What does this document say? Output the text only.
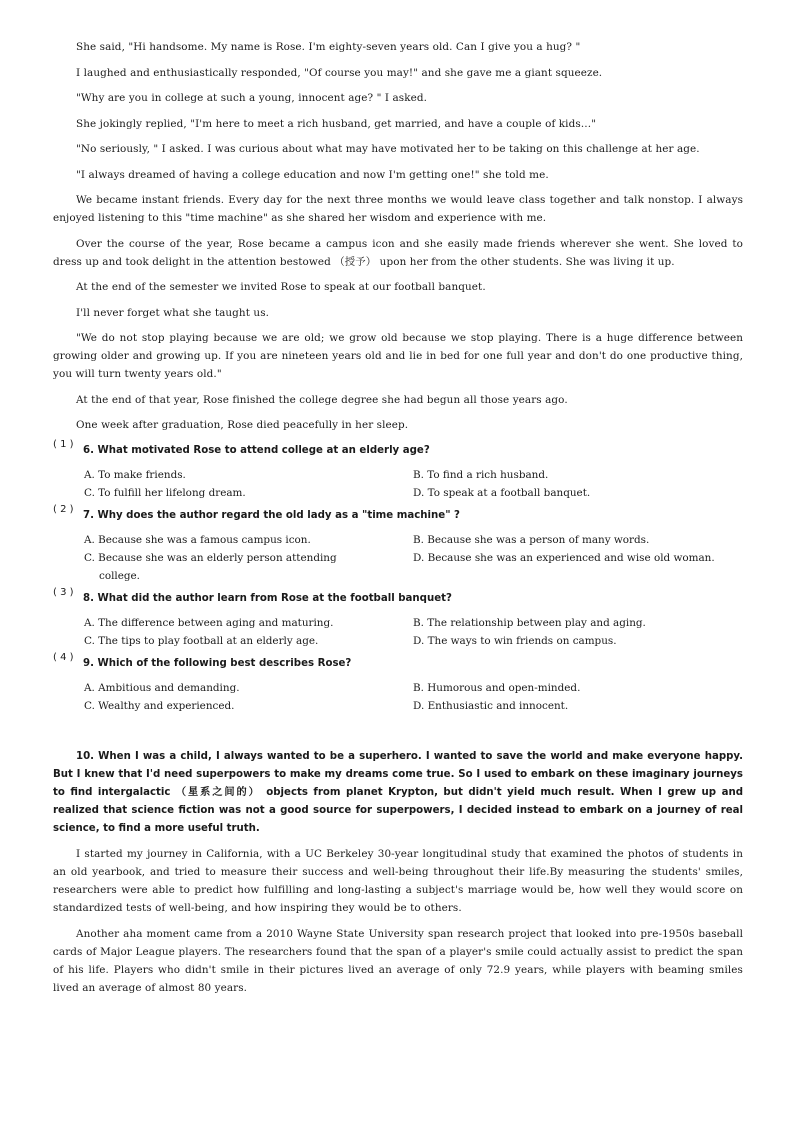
She said, "Hi handsome. My name is Rose. I'm eighty-seven years old. Can I give you a hug? "

I laughed and enthusiastically responded, "Of course you may!" and she gave me a giant squeeze.

"Why are you in college at such a young, innocent age? " I asked.

She jokingly replied, "I'm here to meet a rich husband, get married, and have a couple of kids…"

"No seriously, " I asked. I was curious about what may have motivated her to be taking on this challenge at her age.

"I always dreamed of having a college education and now I'm getting one!" she told me.

We became instant friends. Every day for the next three months we would leave class together and talk nonstop. I always enjoyed listening to this "time machine" as she shared her wisdom and experience with me.

Over the course of the year, Rose became a campus icon and she easily made friends wherever she went. She loved to dress up and took delight in the attention bestowed （授予） upon her from the other students. She was living it up.

At the end of the semester we invited Rose to speak at our football banquet.

I'll never forget what she taught us.

"We do not stop playing because we are old; we grow old because we stop playing. There is a huge difference between growing older and growing up. If you are nineteen years old and lie in bed for one full year and don't do one productive thing, you will turn twenty years old."

At the end of that year, Rose finished the college degree she had begun all those years ago.

One week after graduation, Rose died peacefully in her sleep.

( 1 )
6. What motivated Rose to attend college at an elderly age?
A. To make friends.	B. To find a rich husband.
C. To fulfill her lifelong dream.	D. To speak at a football banquet.
( 2 )
7. Why does the author regard the old lady as a "time machine" ?
A. Because she was a famous campus icon.	B. Because she was a person of many words.
C. Because she was an elderly person attending college.
D. Because she was an experienced and wise old woman.
( 3 )
8. What did the author learn from Rose at the football banquet?
A. The difference between aging and maturing.	B. The relationship between play and aging.
C. The tips to play football at an elderly age.	D. The ways to win friends on campus.
( 4 )
9. Which of the following best describes Rose?
A. Ambitious and demanding.	B. Humorous and open-minded.
C. Wealthy and experienced.	D. Enthusiastic and innocent.

10. When I was a child, I always wanted to be a superhero. I wanted to save the world and make everyone happy. But I knew that I'd need superpowers to make my dreams come true. So I used to embark on these imaginary journeys to find intergalactic （星系之间的） objects from planet Krypton, but didn't yield much result. When I grew up and realized that science fiction was not a good source for superpowers, I decided instead to embark on a journey of real science, to find a more useful truth.

I started my journey in California, with a UC Berkeley 30-year longitudinal study that examined the photos of students in an old yearbook, and tried to measure their success and well-being throughout their life.By measuring the students' smiles, researchers were able to predict how fulfilling and long-lasting a subject's marriage would be, how well they would score on standardized tests of well-being, and how inspiring they would be to others.

Another aha moment came from a 2010 Wayne State University span research project that looked into pre-1950s baseball cards of Major League players. The researchers found that the span of a player's smile could actually assist to predict the span of his life. Players who didn't smile in their pictures lived an average of only 72.9 years, while players with beaming smiles lived an average of almost 80 years.
